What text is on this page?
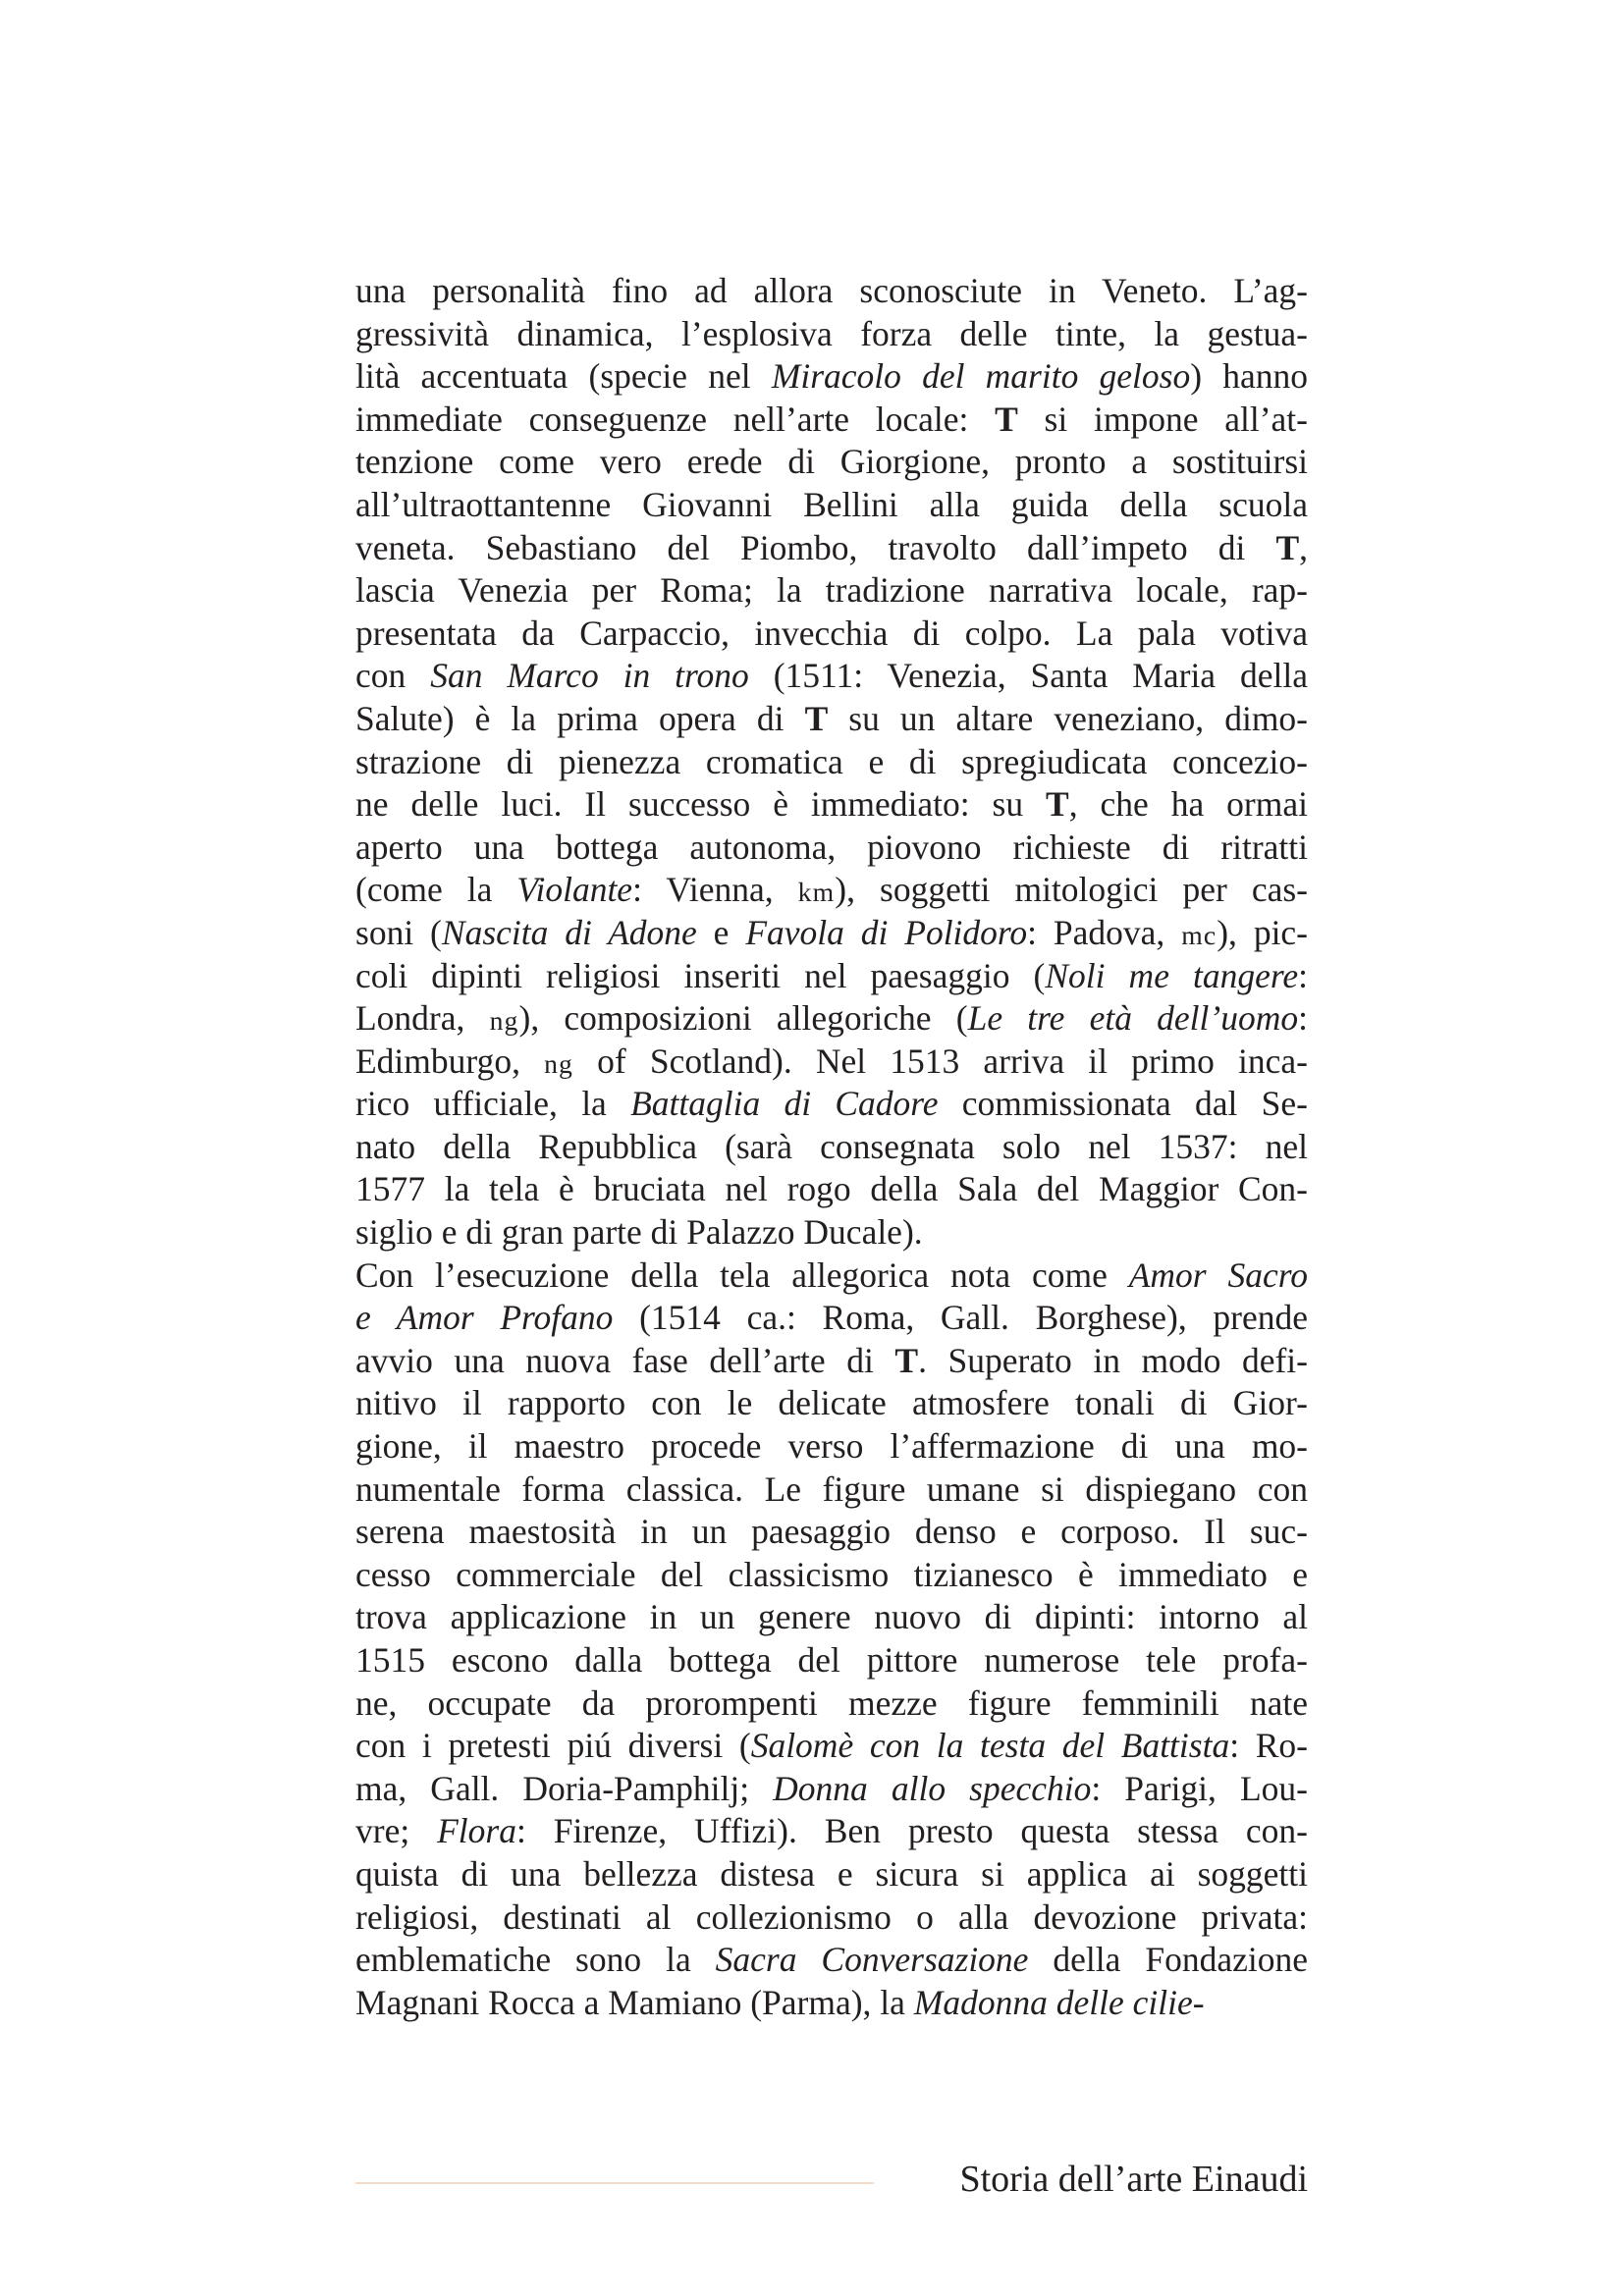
una personalità fino ad allora sconosciute in Veneto. L’ag-
gressività dinamica, l’esplosiva forza delle tinte, la gestua-
lità accentuata (specie nel Miracolo del marito geloso) hanno
immediate conseguenze nell’arte locale: T si impone all’at-
tenzione come vero erede di Giorgione, pronto a sostituirsi
all’ultraottantenne Giovanni Bellini alla guida della scuola
veneta. Sebastiano del Piombo, travolto dall’impeto di T,
lascia Venezia per Roma; la tradizione narrativa locale, rap-
presentata da Carpaccio, invecchia di colpo. La pala votiva
con San Marco in trono (1511: Venezia, Santa Maria della
Salute) è la prima opera di T su un altare veneziano, dimo-
strazione di pienezza cromatica e di spregiudicata concezio-
ne delle luci. Il successo è immediato: su T, che ha ormai
aperto una bottega autonoma, piovono richieste di ritratti
(come la Violante: Vienna, km), soggetti mitologici per cas-
soni (Nascita di Adone e Favola di Polidoro: Padova, mc), pic-
coli dipinti religiosi inseriti nel paesaggio (Noli me tangere:
Londra, ng), composizioni allegoriche (Le tre età dell’uomo:
Edimburgo, ng of Scotland). Nel 1513 arriva il primo inca-
rico ufficiale, la Battaglia di Cadore commissionata dal Se-
nato della Repubblica (sarà consegnata solo nel 1537: nel
1577 la tela è bruciata nel rogo della Sala del Maggior Con-
siglio e di gran parte di Palazzo Ducale).
Con l’esecuzione della tela allegorica nota come Amor Sacro
e Amor Profano (1514 ca.: Roma, Gall. Borghese), prende
avvio una nuova fase dell’arte di T. Superato in modo defi-
nitivo il rapporto con le delicate atmosfere tonali di Gior-
gione, il maestro procede verso l’affermazione di una mo-
numentale forma classica. Le figure umane si dispiegano con
serena maestosità in un paesaggio denso e corposo. Il suc-
cesso commerciale del classicismo tizianesco è immediato e
trova applicazione in un genere nuovo di dipinti: intorno al
1515 escono dalla bottega del pittore numerose tele profa-
ne, occupate da prorompenti mezze figure femminili nate
con i pretesti piú diversi (Salomè con la testa del Battista: Ro-
ma, Gall. Doria-Pamphilj; Donna allo specchio: Parigi, Lou-
vre; Flora: Firenze, Uffizi). Ben presto questa stessa con-
quista di una bellezza distesa e sicura si applica ai soggetti
religiosi, destinati al collezionismo o alla devozione privata:
emblematiche sono la Sacra Conversazione della Fondazione
Magnani Rocca a Mamiano (Parma), la Madonna delle cilie-
Storia dell’arte Einaudi
